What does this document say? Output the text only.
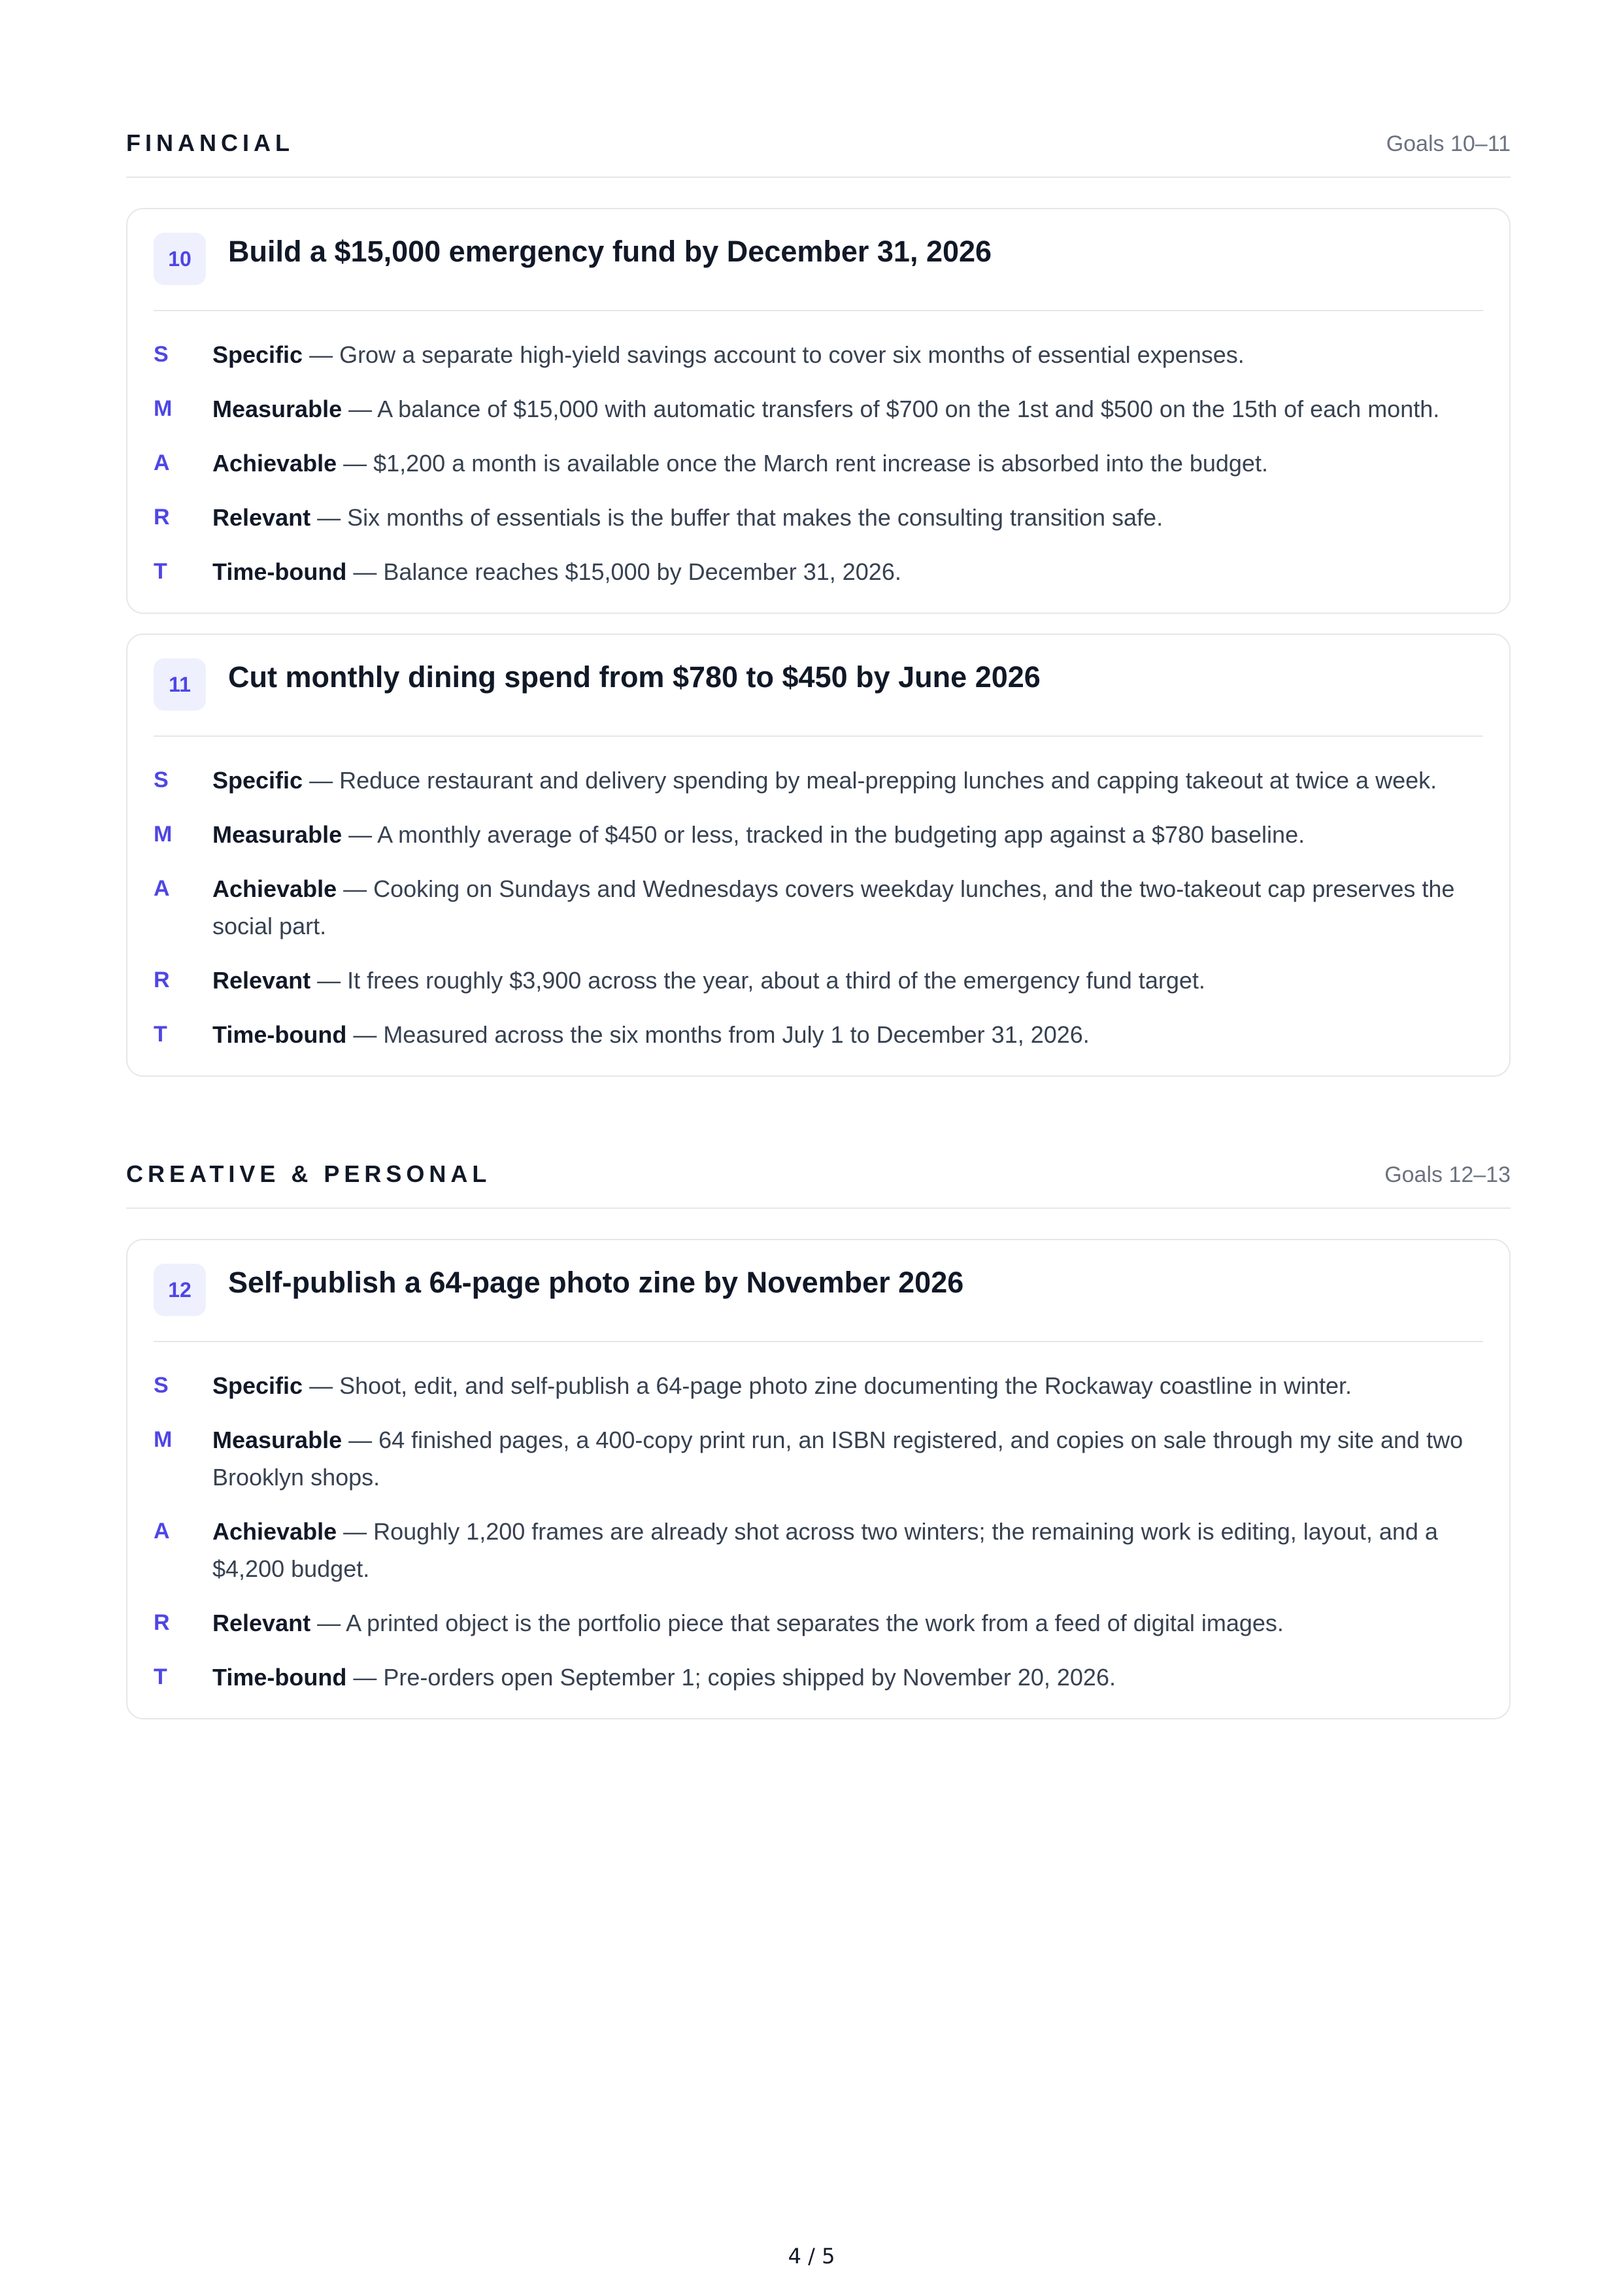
FINANCIAL	Goals 10–11
10	Build a $15,000 emergency fund by December 31, 2026
S	Specific — Grow a separate high-yield savings account to cover six months of essential expenses.
M	Measurable — A balance of $15,000 with automatic transfers of $700 on the 1st and $500 on the 15th of each month.
A	Achievable — $1,200 a month is available once the March rent increase is absorbed into the budget.
R	Relevant — Six months of essentials is the buffer that makes the consulting transition safe.
T	Time-bound — Balance reaches $15,000 by December 31, 2026.
11	Cut monthly dining spend from $780 to $450 by June 2026
S	Specific — Reduce restaurant and delivery spending by meal-prepping lunches and capping takeout at twice a week.
M	Measurable — A monthly average of $450 or less, tracked in the budgeting app against a $780 baseline.
A	Achievable — Cooking on Sundays and Wednesdays covers weekday lunches, and the two-takeout cap preserves the social part.
R	Relevant — It frees roughly $3,900 across the year, about a third of the emergency fund target.
T	Time-bound — Measured across the six months from July 1 to December 31, 2026.
CREATIVE & PERSONAL	Goals 12–13
12	Self-publish a 64-page photo zine by November 2026
S	Specific — Shoot, edit, and self-publish a 64-page photo zine documenting the Rockaway coastline in winter.
M	Measurable — 64 finished pages, a 400-copy print run, an ISBN registered, and copies on sale through my site and two Brooklyn shops.
A	Achievable — Roughly 1,200 frames are already shot across two winters; the remaining work is editing, layout, and a $4,200 budget.
R	Relevant — A printed object is the portfolio piece that separates the work from a feed of digital images.
T	Time-bound — Pre-orders open September 1; copies shipped by November 20, 2026.
4 / 5
